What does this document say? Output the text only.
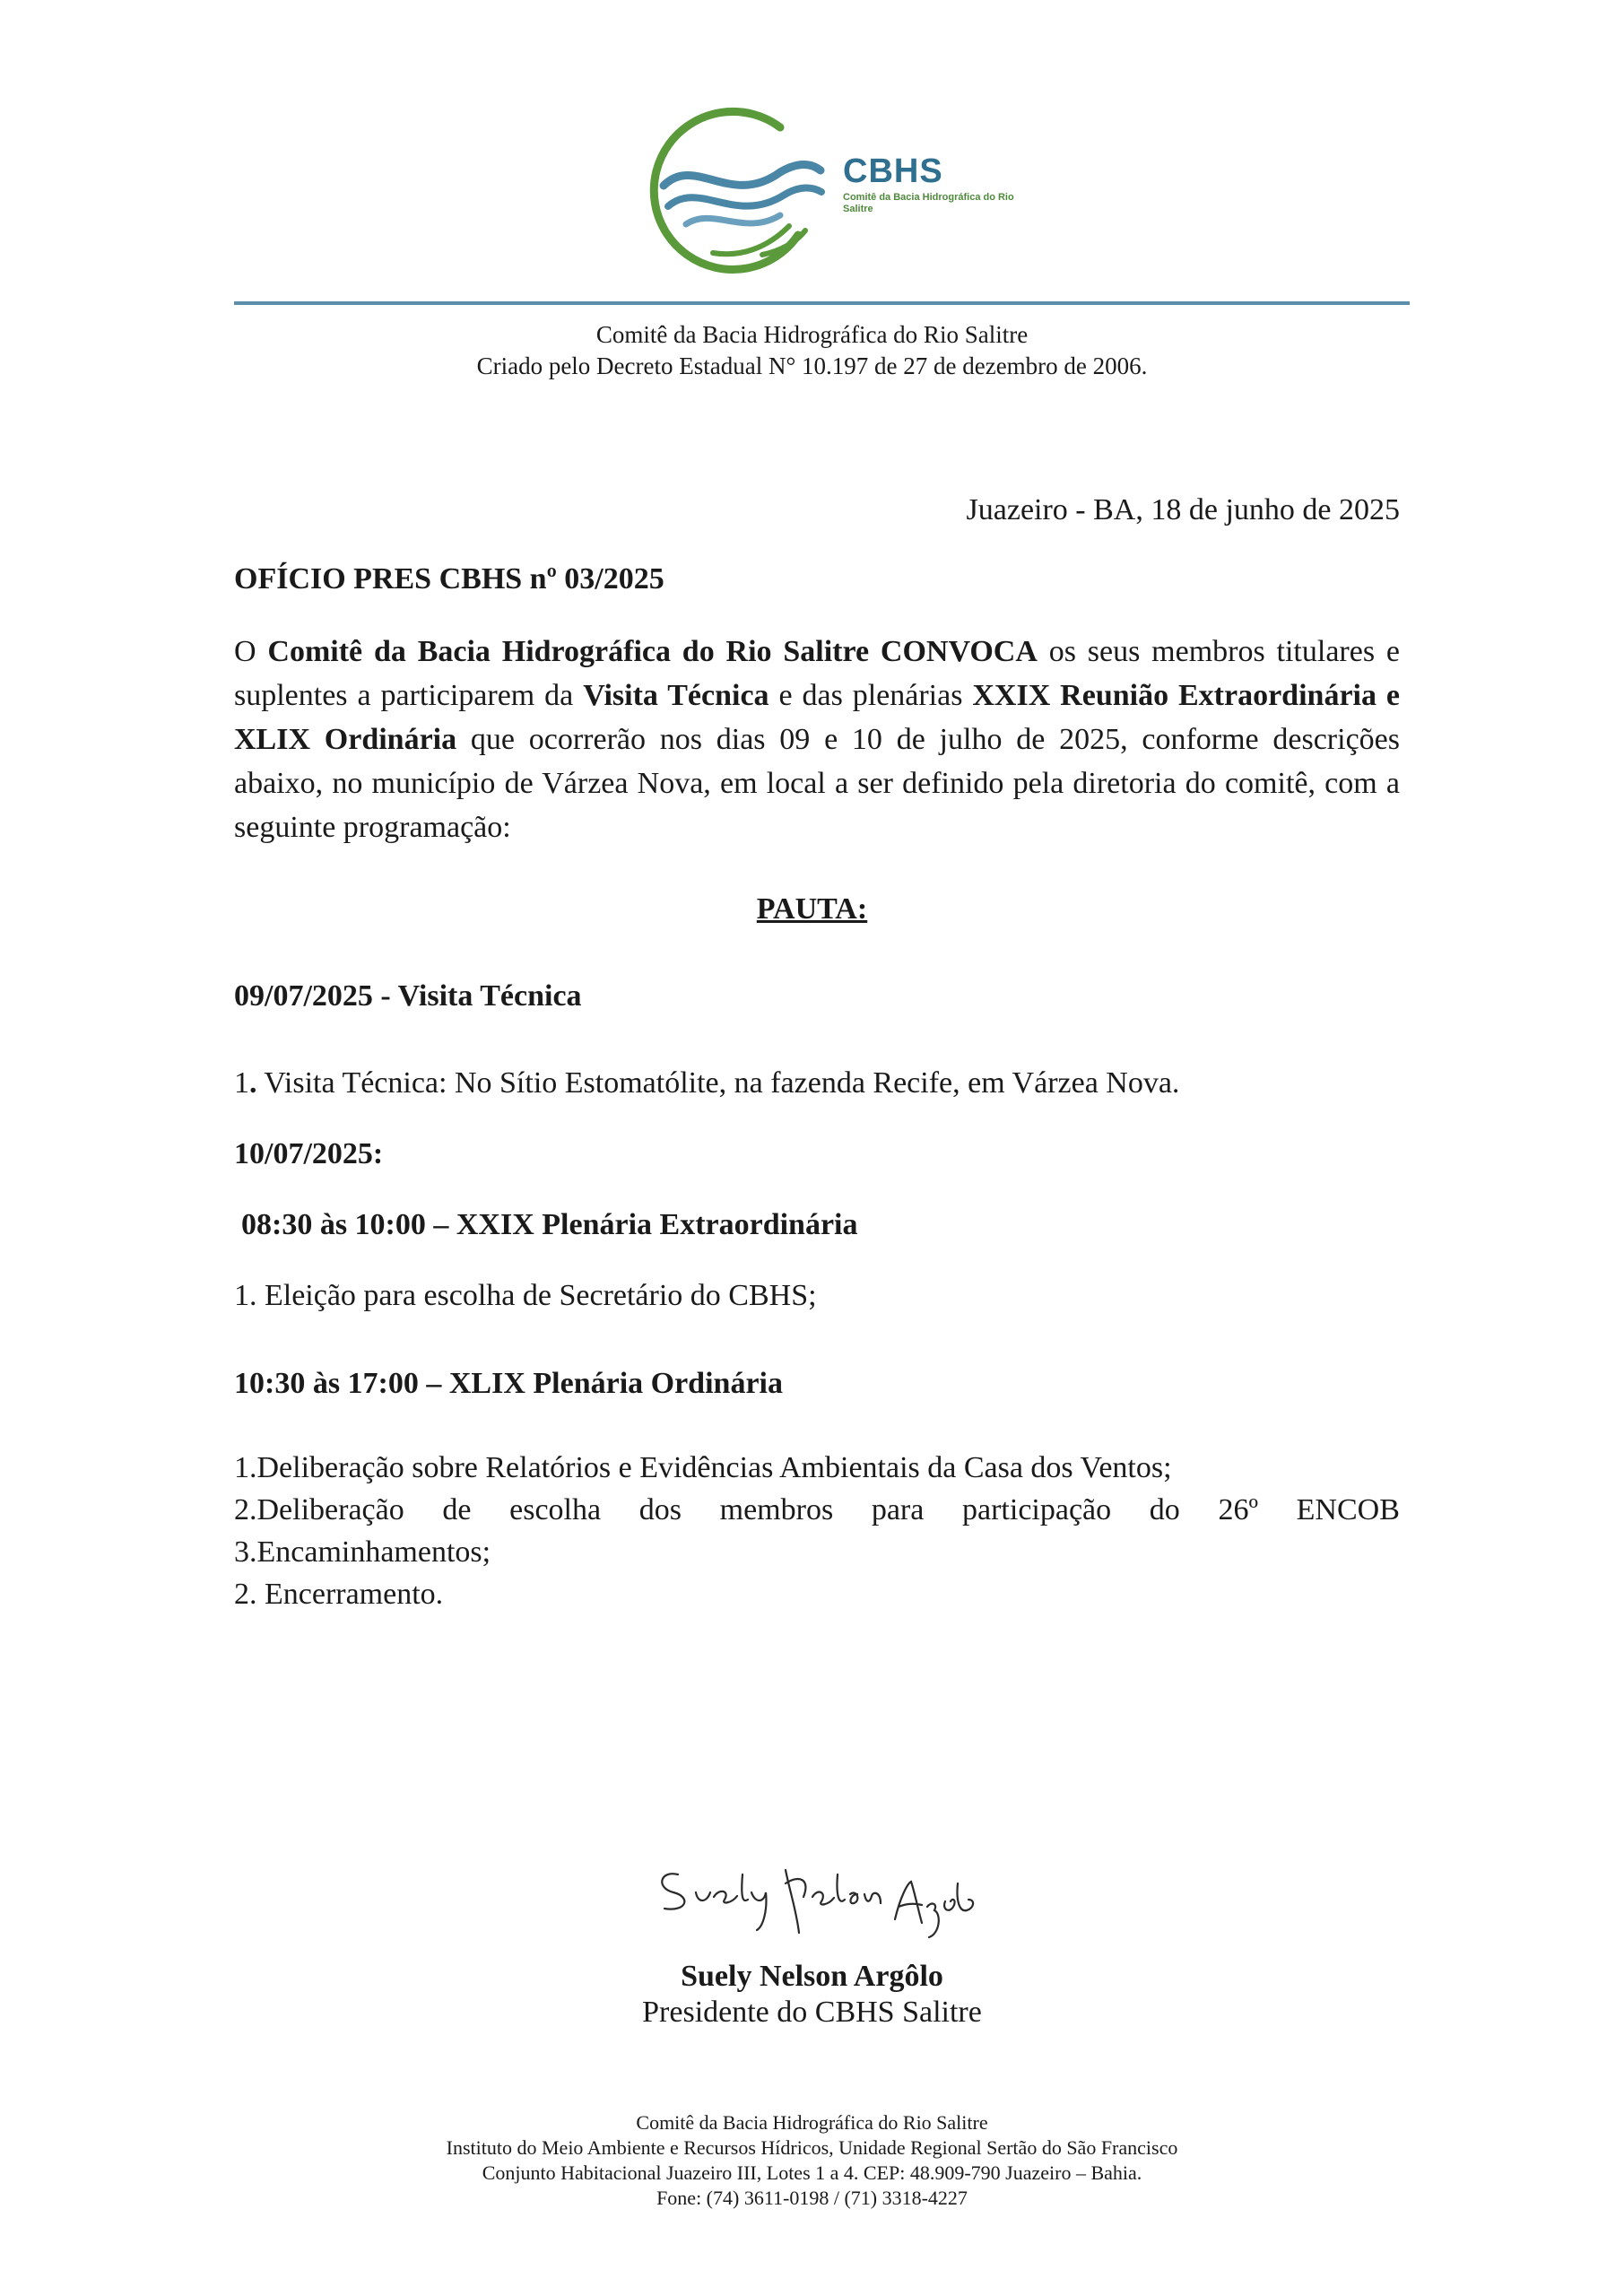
CBHS
Comitê da Bacia Hidrográfica do Rio Salitre
Comitê da Bacia Hidrográfica do Rio Salitre
Criado pelo Decreto Estadual N° 10.197 de 27 de dezembro de 2006.
Juazeiro - BA, 18 de junho de 2025
OFÍCIO PRES CBHS nº 03/2025
O Comitê da Bacia Hidrográfica do Rio Salitre CONVOCA os seus membros titulares e suplentes a participarem da Visita Técnica e das plenárias XXIX Reunião Extraordinária e XLIX Ordinária que ocorrerão nos dias 09 e 10 de julho de 2025, conforme descrições abaixo, no município de Várzea Nova, em local a ser definido pela diretoria do comitê, com a seguinte programação:
PAUTA:
09/07/2025 - Visita Técnica
1. Visita Técnica: No Sítio Estomatólite, na fazenda Recife, em Várzea Nova.
10/07/2025:
08:30 às 10:00 – XXIX Plenária Extraordinária
1. Eleição para escolha de Secretário do CBHS;
10:30 às 17:00 – XLIX Plenária Ordinária
1.Deliberação sobre Relatórios e Evidências Ambientais da Casa dos Ventos;
2.Deliberação de escolha dos membros para participação do 26º ENCOB
3.Encaminhamentos;
2. Encerramento.
Suely Nelson Argôlo
Presidente do CBHS Salitre
Comitê da Bacia Hidrográfica do Rio Salitre
Instituto do Meio Ambiente e Recursos Hídricos, Unidade Regional Sertão do São Francisco
Conjunto Habitacional Juazeiro III, Lotes 1 a 4. CEP: 48.909-790 Juazeiro – Bahia.
Fone: (74) 3611-0198 / (71) 3318-4227
